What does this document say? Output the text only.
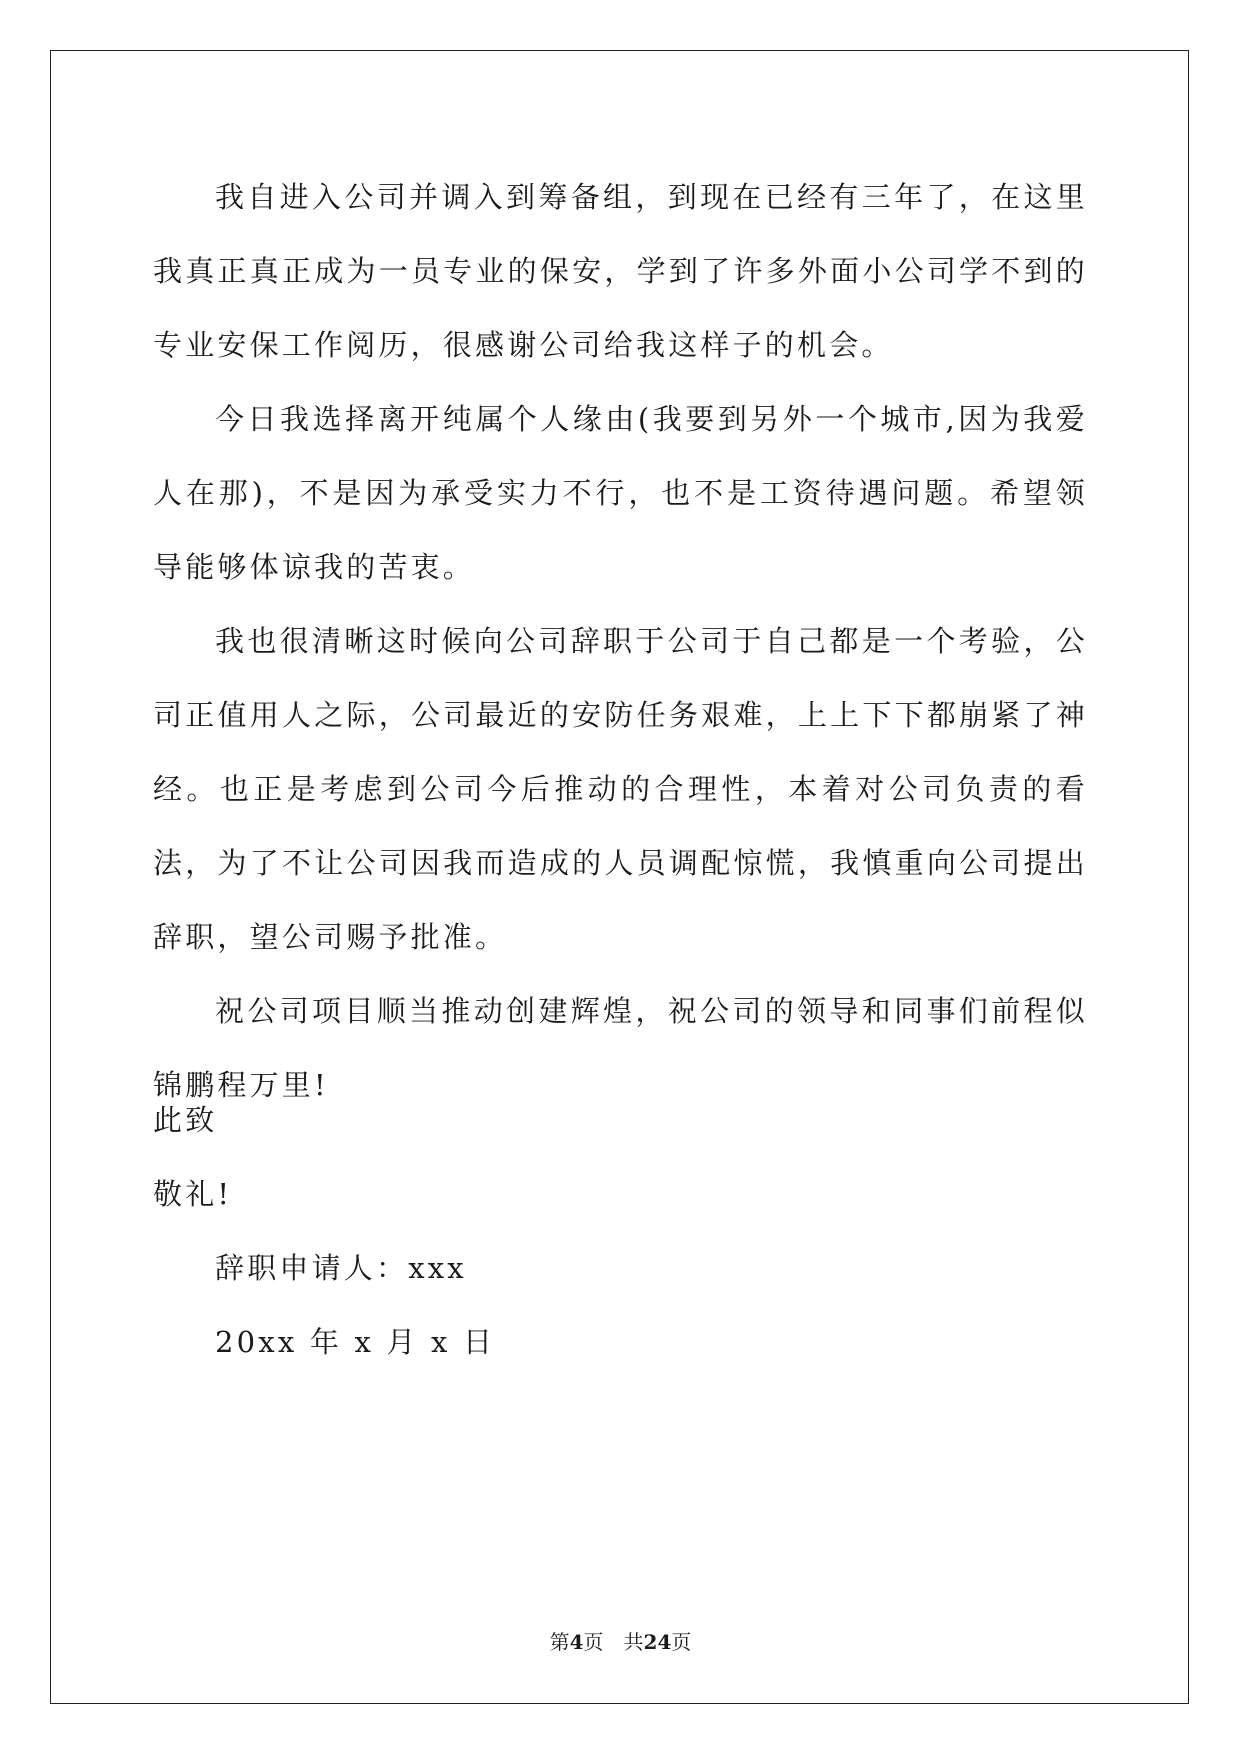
我自进入公司并调入到筹备组，到现在已经有三年了，在这里我真正真正成为一员专业的保安，学到了许多外面小公司学不到的专业安保工作阅历，很感谢公司给我这样子的机会。

今日我选择离开纯属个人缘由(我要到另外一个城市,因为我爱人在那)，不是因为承受实力不行，也不是工资待遇问题。希望领导能够体谅我的苦衷。

我也很清晰这时候向公司辞职于公司于自己都是一个考验，公司正值用人之际，公司最近的安防任务艰难，上上下下都崩紧了神经。也正是考虑到公司今后推动的合理性，本着对公司负责的看法，为了不让公司因我而造成的人员调配惊慌，我慎重向公司提出辞职，望公司赐予批准。

祝公司项目顺当推动创建辉煌，祝公司的领导和同事们前程似锦鹏程万里!

此致
敬礼!
辞职申请人：xxx
20xx 年 x 月 x 日
第4页　共24页
